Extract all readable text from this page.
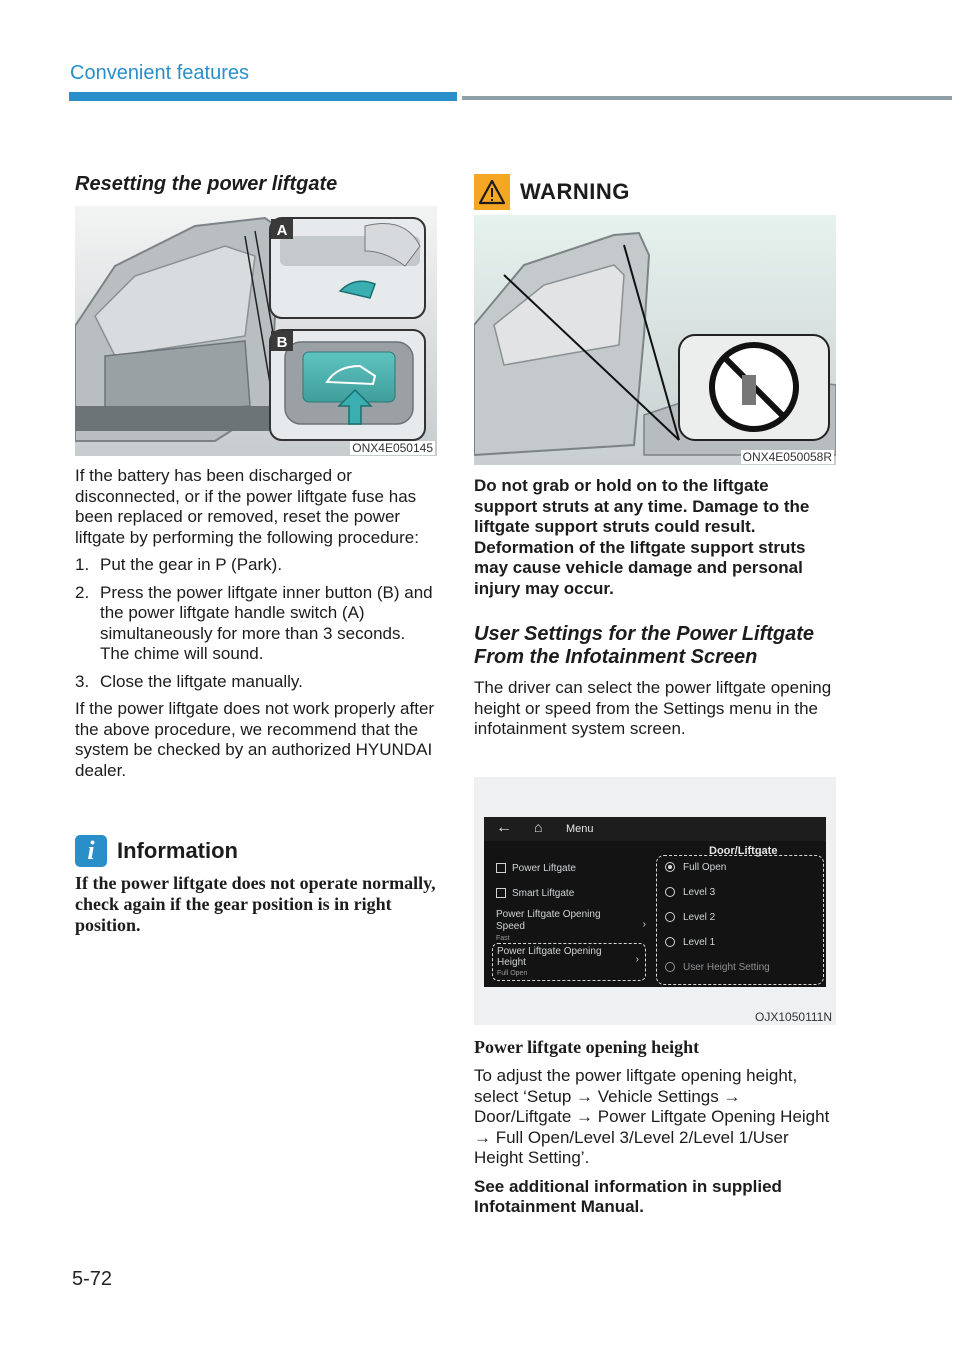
Convenient features
Resetting the power liftgate
A
B
ONX4E050145

If the battery has been discharged or disconnected, or if the power liftgate fuse has been replaced or removed, reset the power liftgate by performing the following procedure:

1. Put the gear in P (Park).

2. Press the power liftgate inner button (B) and the power liftgate handle switch (A) simultaneously for more than 3 seconds. The chime will sound.

3. Close the liftgate manually.

If the power liftgate does not work properly after the above procedure, we recommend that the system be checked by an authorized HYUNDAI dealer.

i	Information

If the power liftgate does not operate normally, check again if the gear position is in right position.

WARNING
ONX4E050058R

Do not grab or hold on to the liftgate support struts at any time. Damage to the liftgate support struts could result. Deformation of the liftgate support struts may cause vehicle damage and personal injury may occur.

User Settings for the Power Liftgate From the Infotainment Screen

The driver can select the power liftgate opening height or speed from the Settings menu in the infotainment system screen.

← ⌂ Menu
Door/Liftgate
Power Liftgate
Smart Liftgate
Power Liftgate Opening
Speed
Fast
›
Power Liftgate Opening
Height
Full Open
›
Full Open
Level 3
Level 2
Level 1
User Height Setting
OJX1050111N
Power liftgate opening height

To adjust the power liftgate opening height, select ‘Setup → Vehicle Settings → Door/Liftgate → Power Liftgate Opening Height → Full Open/Level 3/Level 2/Level 1/User Height Setting’.

See additional information in supplied Infotainment Manual.

5-72
